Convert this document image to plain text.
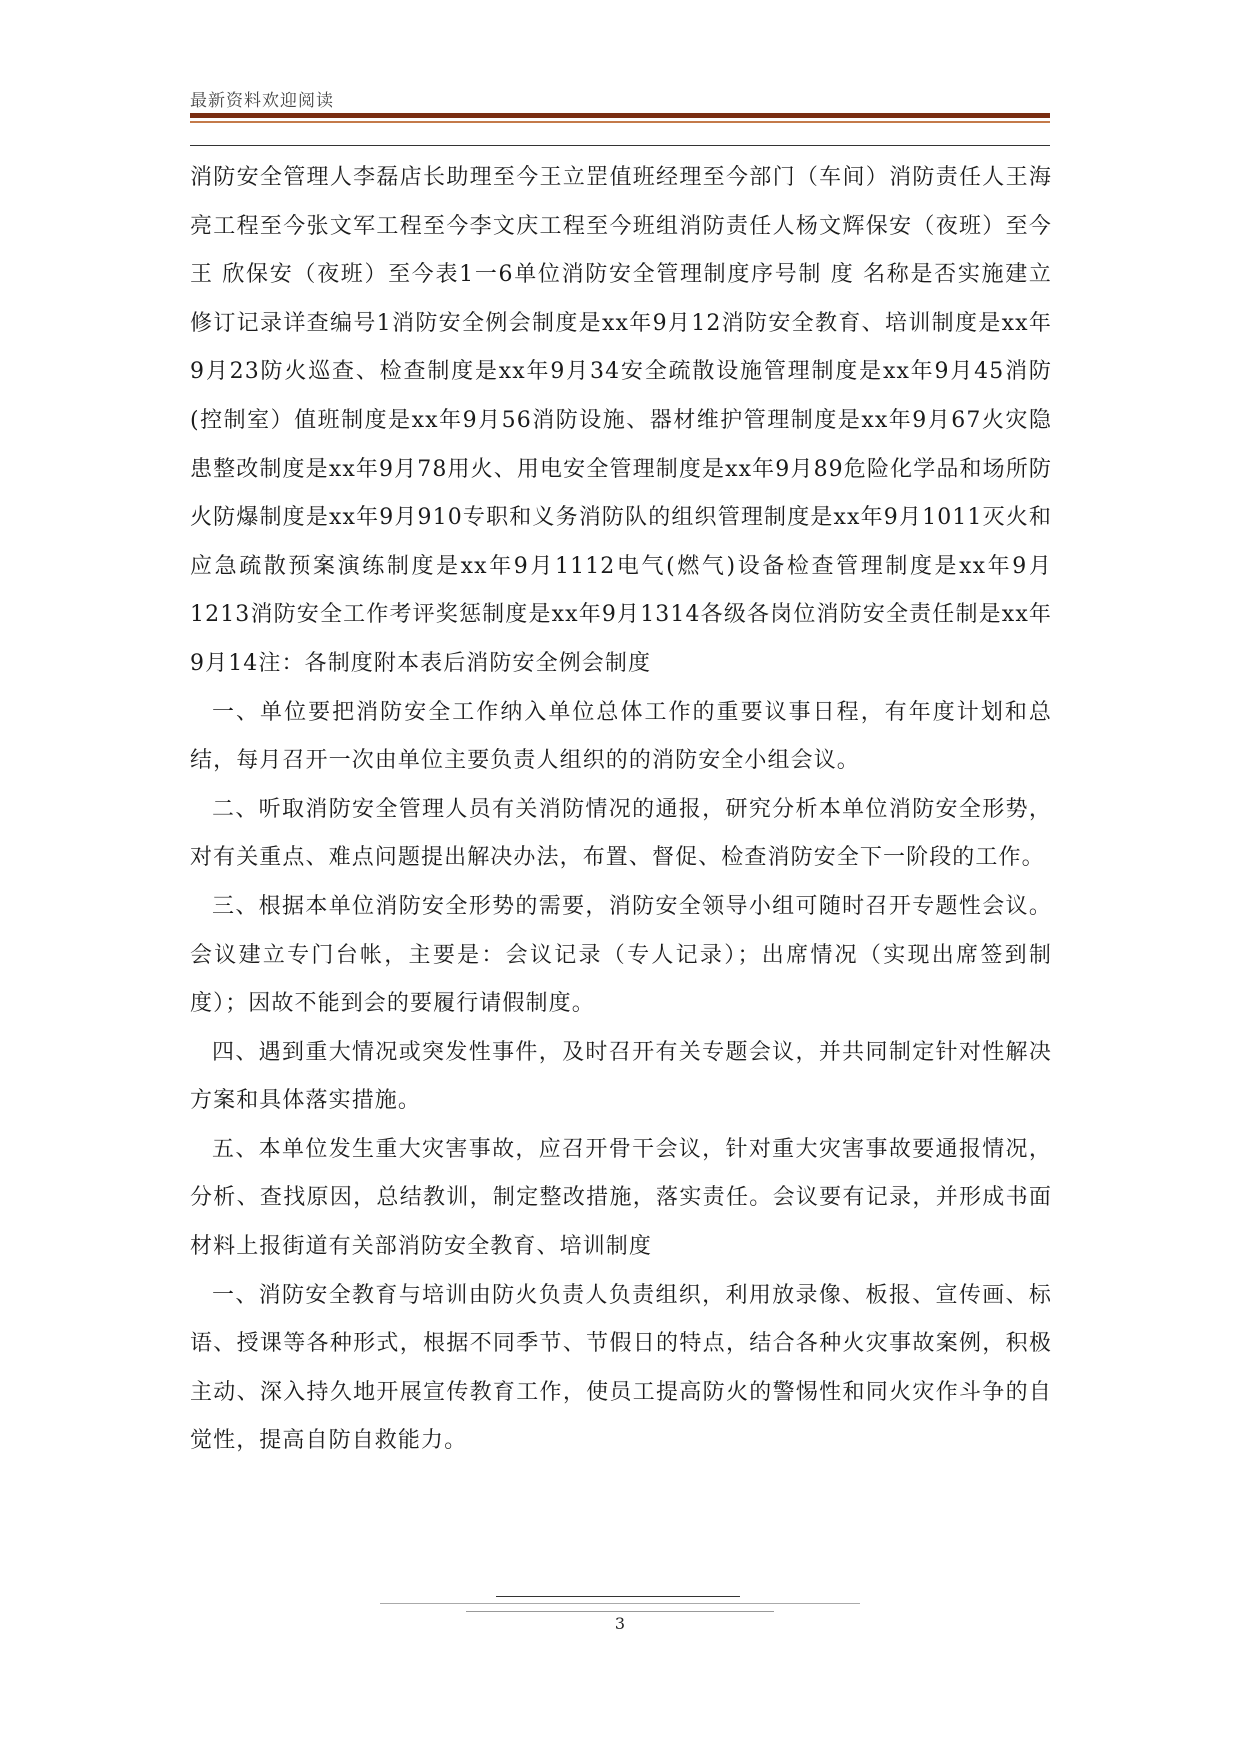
最新资料欢迎阅读

消防安全管理人李磊店长助理至今王立罡值班经理至今部门（车间）消防责任人王海亮工程至今张文军工程至今李文庆工程至今班组消防责任人杨文辉保安（夜班）至今王 欣保安（夜班）至今表1一6单位消防安全管理制度序号制 度 名称是否实施建立修订记录详查编号1消防安全例会制度是xx年9月12消防安全教育、培训制度是xx年9月23防火巡查、检查制度是xx年9月34安全疏散设施管理制度是xx年9月45消防(控制室）值班制度是xx年9月56消防设施、器材维护管理制度是xx年9月67火灾隐患整改制度是xx年9月78用火、用电安全管理制度是xx年9月89危险化学品和场所防火防爆制度是xx年9月910专职和义务消防队的组织管理制度是xx年9月1011灭火和应急疏散预案演练制度是xx年9月1112电气(燃气)设备检查管理制度是xx年9月1213消防安全工作考评奖惩制度是xx年9月1314各级各岗位消防安全责任制是xx年9月14注：各制度附本表后消防安全例会制度

一、单位要把消防安全工作纳入单位总体工作的重要议事日程，有年度计划和总结，每月召开一次由单位主要负责人组织的的消防安全小组会议。

二、听取消防安全管理人员有关消防情况的通报，研究分析本单位消防安全形势，对有关重点、难点问题提出解决办法，布置、督促、检查消防安全下一阶段的工作。

三、根据本单位消防安全形势的需要，消防安全领导小组可随时召开专题性会议。会议建立专门台帐，主要是：会议记录（专人记录）；出席情况（实现出席签到制度）；因故不能到会的要履行请假制度。

四、遇到重大情况或突发性事件，及时召开有关专题会议，并共同制定针对性解决方案和具体落实措施。

五、本单位发生重大灾害事故，应召开骨干会议，针对重大灾害事故要通报情况，分析、查找原因，总结教训，制定整改措施，落实责任。会议要有记录，并形成书面材料上报街道有关部消防安全教育、培训制度

一、消防安全教育与培训由防火负责人负责组织，利用放录像、板报、宣传画、标语、授课等各种形式，根据不同季节、节假日的特点，结合各种火灾事故案例，积极主动、深入持久地开展宣传教育工作，使员工提高防火的警惕性和同火灾作斗争的自觉性，提高自防自救能力。

3
